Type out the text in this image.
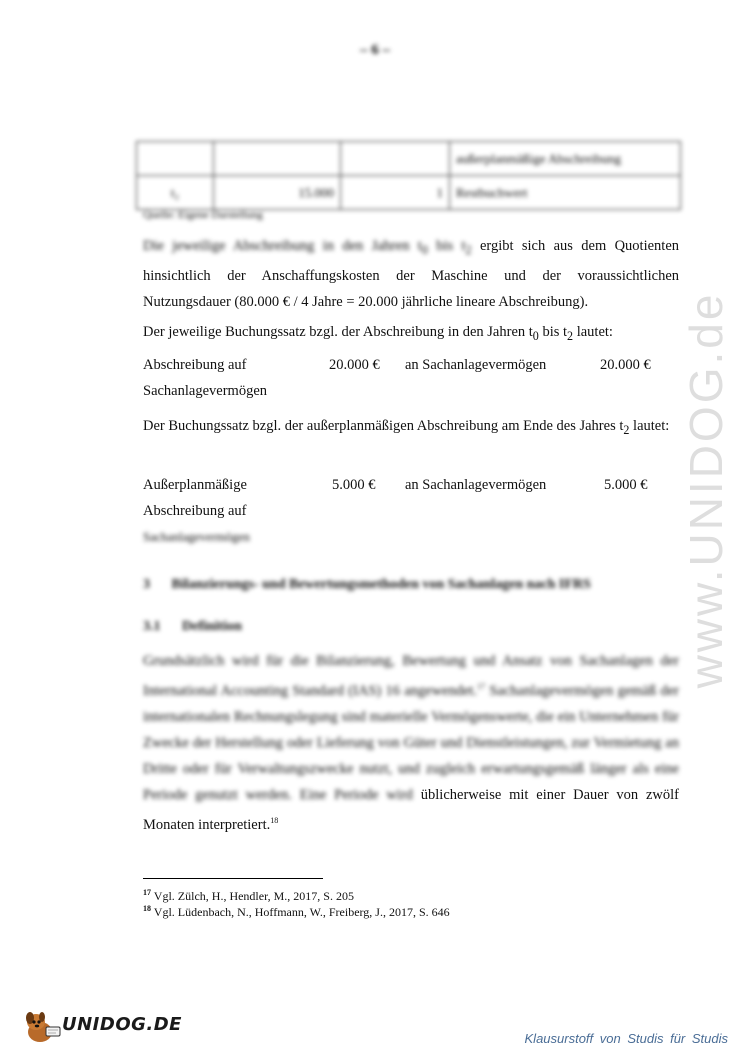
– 6 –
			außerplanmäßige Abschreibung
t₂	15.000	1	Restbuchwert
Quelle: Eigene Darstellung
Die jeweilige Abschreibung in den Jahren $t_0$ bis $t_2$ ergibt sich aus dem Quotienten hinsichtlich der Anschaffungskosten der Maschine und der voraussichtlichen Nutzungsdauer (80.000 € / 4 Jahre = 20.000 jährliche lineare Abschreibung).
Der jeweilige Buchungssatz bzgl. der Abschreibung in den Jahren $t_0$ bis $t_2$ lautet:
Abschreibung auf	20.000 € an Sachanlagevermögen	20.000 €
Sachanlagevermögen
Der Buchungssatz bzgl. der außerplanmäßigen Abschreibung am Ende des Jahres $t_2$ lautet:
Außerplanmäßige	5.000 € an Sachanlagevermögen	5.000 €
Abschreibung auf
Sachanlagevermögen
3 Bilanzierungs- und Bewertungsmethoden von Sachanlagen nach IFRS
3.1 Definition
Grundsätzlich wird für die Bilanzierung, Bewertung und Ansatz von Sachanlagen der International Accounting Standard (IAS) 16 angewendet.$^{17}$ Sachanlagevermögen gemäß der internationalen Rechnungslegung sind materielle Vermögenswerte, die ein Unternehmen für Zwecke der Herstellung oder Lieferung von Güter und Dienstleistungen, zur Vermietung an Dritte oder für Verwaltungszwecke nutzt, und zugleich erwartungsgemäß länger als eine Periode genutzt werden. Eine Periode wird üblicherweise mit einer Dauer von zwölf Monaten interpretiert.$^{18}$
$^{17}$ Vgl. Zülch, H., Hendler, M., 2017, S. 205
$^{18}$ Vgl. Lüdenbach, N., Hoffmann, W., Freiberg, J., 2017, S. 646
www.UNIDOG.de
UNIDOG.DE
Klausurstoff von Studis für Studis
